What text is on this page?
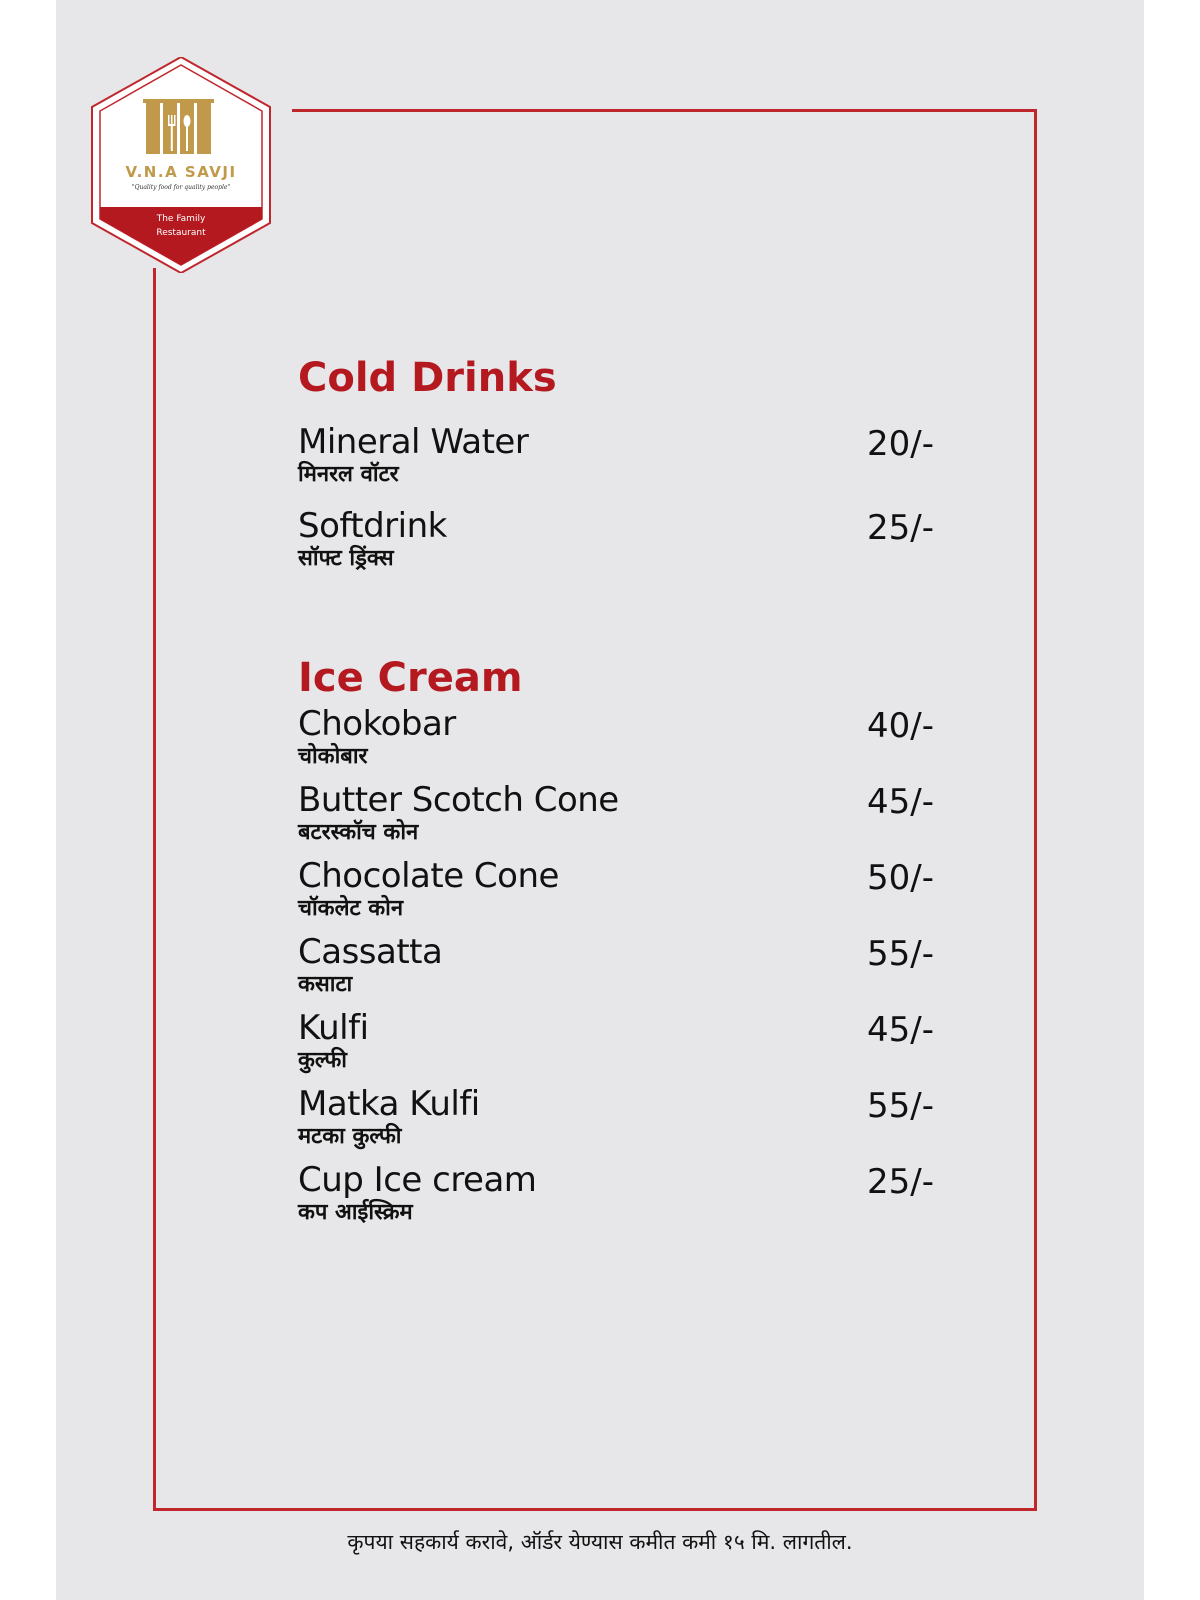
V.N.A SAVJI
"Quality food for quality people"
The Family
Restaurant
Cold Drinks
Mineral Water
मिनरल वॉटर
20/-
Softdrink
सॉफ्ट ड्रिंक्स
25/-
Ice Cream
Chokobar
चोकोबार
40/-
Butter Scotch Cone
बटरस्कॉच कोन
45/-
Chocolate Cone
चॉकलेट कोन
50/-
Cassatta
कसाटा
55/-
Kulfi
कुल्फी
45/-
Matka Kulfi
मटका कुल्फी
55/-
Cup Ice cream
कप आईस्क्रिम
25/-
कृपया सहकार्य करावे, ऑर्डर येण्यास कमीत कमी १५ मि. लागतील.
